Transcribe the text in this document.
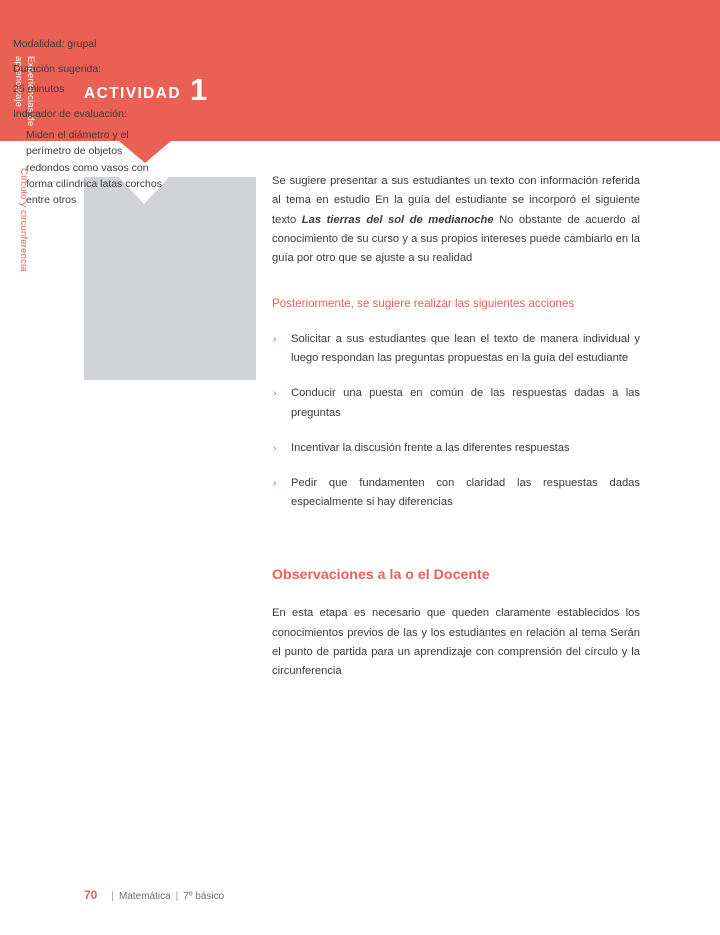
ACTIVIDAD 1
Experiencias de aprendizaje
Círculo y circunferencia

Modalidad: grupal

Duración sugerida:

25 minutos

Indicador de evaluación:

› Miden el diámetro y el perímetro de objetos redondos como vasos con forma cilíndrica latas corchos entre otros

Se sugiere presentar a sus estudiantes un texto con información referida al tema en estudio En la guía del estudiante se incorporó el siguiente texto Las tierras del sol de medianoche No obstante de acuerdo al conocimiento de su curso y a sus propios intereses puede cambiarlo en la guía por otro que se ajuste a su realidad

Posteriormente, se sugiere realizar las siguientes acciones

› Solicitar a sus estudiantes que lean el texto de manera individual y luego respondan las preguntas propuestas en la guía del estudiante
› Conducir una puesta en común de las respuestas dadas a las preguntas
› Incentivar la discusión frente a las diferentes respuestas
› Pedir que fundamenten con claridad las respuestas dadas especialmente si hay diferencias
Observaciones a la o el Docente

En esta etapa es necesario que queden claramente establecidos los conocimientos previos de las y los estudiantes en relación al tema Serán el punto de partida para un aprendizaje con comprensión del círculo y la circunferencia

70 | Matemática | 7º básico
